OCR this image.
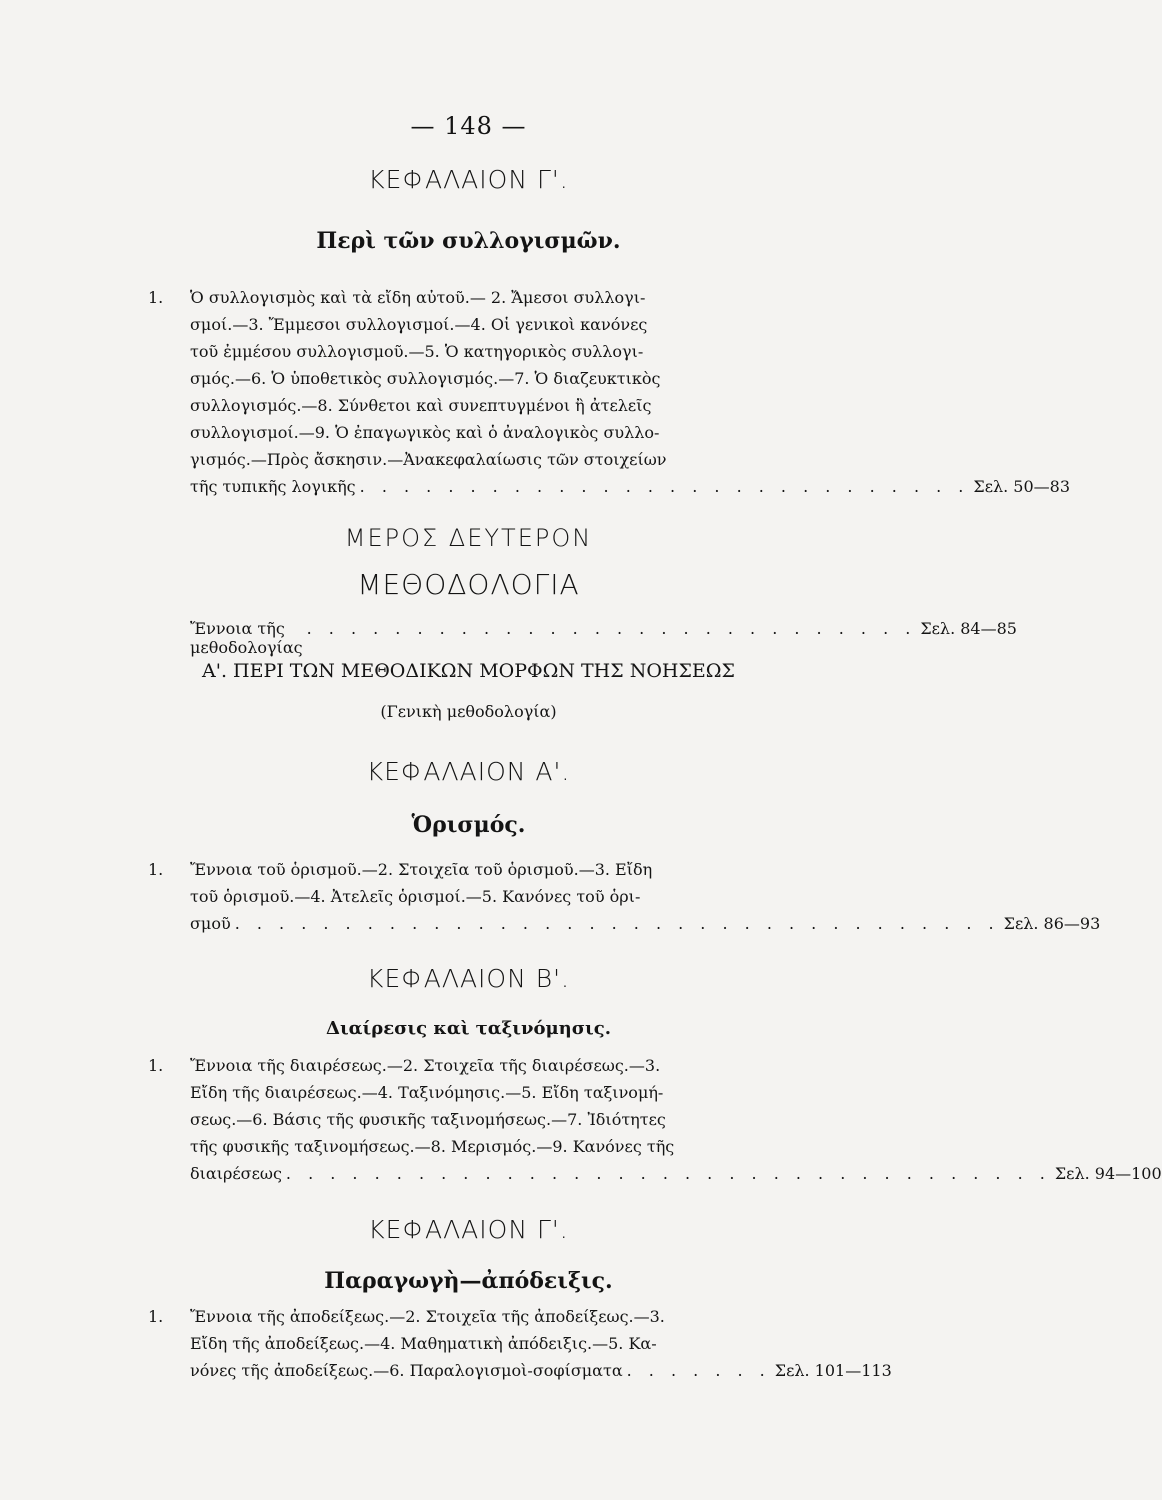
— 148 —
ΚΕΦΑΛΑΙΟΝ Γ'.
Περὶ τῶν συλλογισμῶν.
1. Ὁ συλλογισμὸς καὶ τὰ εἴδη αὐτοῦ.— 2. Ἄμεσοι συλλογι-
σμοί.—3. Ἔμμεσοι συλλογισμοί.—4. Οἱ γενικοὶ κανόνες
τοῦ ἐμμέσου συλλογισμοῦ.—5. Ὁ κατηγορικὸς συλλογι-
σμός.—6. Ὁ ὑποθετικὸς συλλογισμός.—7. Ὁ διαζευκτικὸς
συλλογισμός.—8. Σύνθετοι καὶ συνεπτυγμένοι ἢ ἀτελεῖς
συλλογισμοί.—9. Ὁ ἐπαγωγικὸς καὶ ὁ ἀναλογικὸς συλλο-
γισμός.—Πρὸς ἄσκησιν.—Ἀνακεφαλαίωσις τῶν στοιχείων
τῆς τυπικῆς λογικῆς . . . . . . . . . . . . . . . . . . . . . . . . . . . . Σελ. 50—83
ΜΕΡΟΣ ΔΕΥΤΕΡΟΝ
ΜΕΘΟΔΟΛΟΓΙΑ
Ἔννοια τῆς μεθοδολογίας
. . . . . . . . . . . . . . . . . . . . . . . . . . . . Σελ. 84—85
Α'. ΠΕΡΙ ΤΩΝ ΜΕΘΟΔΙΚΩΝ ΜΟΡΦΩΝ ΤΗΣ ΝΟΗΣΕΩΣ
(Γενικὴ μεθοδολογία)
ΚΕΦΑΛΑΙΟΝ Α'.
Ὁρισμός.
1. Ἔννοια τοῦ ὁρισμοῦ.—2. Στοιχεῖα τοῦ ὁρισμοῦ.—3. Εἴδη
τοῦ ὁρισμοῦ.—4. Ἀτελεῖς ὁρισμοί.—5. Κανόνες τοῦ ὁρι-
σμοῦ . . . . . . . . . . . . . . . . . . . . . . . . . . . . . . . . . . . Σελ. 86—93
ΚΕΦΑΛΑΙΟΝ Β'.
Διαίρεσις καὶ ταξινόμησις.
1. Ἔννοια τῆς διαιρέσεως.—2. Στοιχεῖα τῆς διαιρέσεως.—3.
Εἴδη τῆς διαιρέσεως.—4. Ταξινόμησις.—5. Εἴδη ταξινομή-
σεως.—6. Βάσις τῆς φυσικῆς ταξινομήσεως.—7. Ἰδιότητες
τῆς φυσικῆς ταξινομήσεως.—8. Μερισμός.—9. Κανόνες τῆς
διαιρέσεως . . . . . . . . . . . . . . . . . . . . . . . . . . . . . . . . . . . Σελ. 94—100
ΚΕΦΑΛΑΙΟΝ Γ'.
Παραγωγὴ—ἀπόδειξις.
1. Ἔννοια τῆς ἀποδείξεως.—2. Στοιχεῖα τῆς ἀποδείξεως.—3.
Εἴδη τῆς ἀποδείξεως.—4. Μαθηματικὴ ἀπόδειξις.—5. Κα-
νόνες τῆς ἀποδείξεως.—6. Παραλογισμοὶ-σοφίσματα . . . . . . . Σελ. 101—113
